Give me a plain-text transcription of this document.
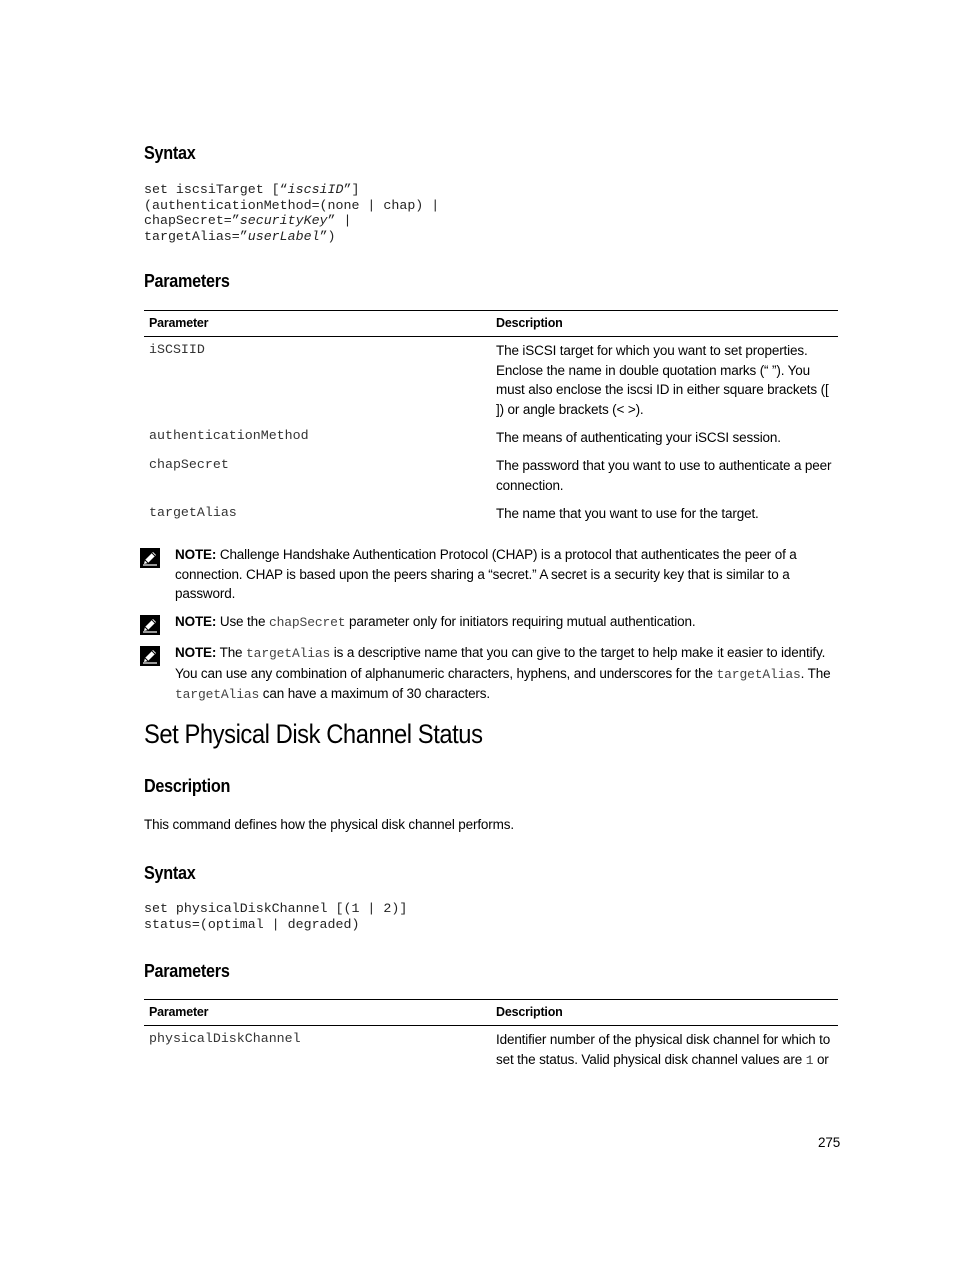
Syntax
set iscsiTarget [“iscsiID”]
(authenticationMethod=(none | chap) |
chapSecret=”securityKey” |
targetAlias=”userLabel”)
Parameters
Parameter	Description
iSCSIID	The iSCSI target for which you want to set properties. Enclose the name in double quotation marks (“ ”). You must also enclose the iscsi ID in either square brackets ([ ]) or angle brackets (< >).
authenticationMethod	The means of authenticating your iSCSI session.
chapSecret	The password that you want to use to authenticate a peer connection.
targetAlias	The name that you want to use for the target.
NOTE: Challenge Handshake Authentication Protocol (CHAP) is a protocol that authenticates the peer of a connection. CHAP is based upon the peers sharing a “secret.” A secret is a security key that is similar to a password.
NOTE: Use the chapSecret parameter only for initiators requiring mutual authentication.
NOTE: The targetAlias is a descriptive name that you can give to the target to help make it easier to identify. You can use any combination of alphanumeric characters, hyphens, and underscores for the targetAlias. The targetAlias can have a maximum of 30 characters.
Set Physical Disk Channel Status
Description
This command defines how the physical disk channel performs.
Syntax
set physicalDiskChannel [(1 | 2)]
status=(optimal | degraded)
Parameters
Parameter	Description
physicalDiskChannel	Identifier number of the physical disk channel for which to set the status. Valid physical disk channel values are 1 or
275
